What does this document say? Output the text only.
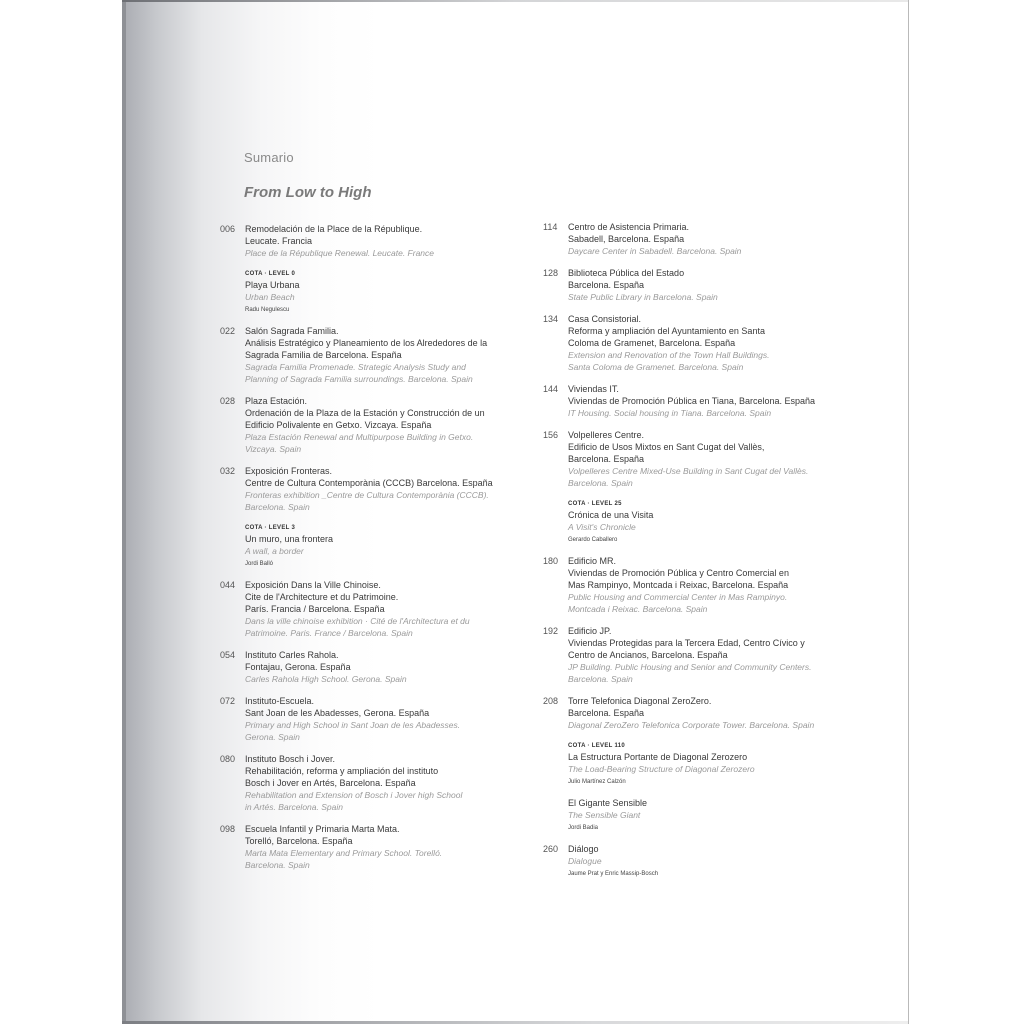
Sumario
From Low to High
006 Remodelación de la Place de la République.
Leucate. Francia
Place de la République Renewal. Leucate. France
COTA · LEVEL 0
Playa Urbana
Urban Beach
Radu Negulescu
022 Salón Sagrada Familia.
Análisis Estratégico y Planeamiento de los Alrededores de la
Sagrada Familia de Barcelona. España
Sagrada Familia Promenade. Strategic Analysis Study and
Planning of Sagrada Familia surroundings. Barcelona. Spain
028 Plaza Estación.
Ordenación de la Plaza de la Estación y Construcción de un
Edificio Polivalente en Getxo. Vizcaya. España
Plaza Estación Renewal and Multipurpose Building in Getxo.
Vizcaya. Spain
032 Exposición Fronteras.
Centre de Cultura Contemporània (CCCB) Barcelona. España
Fronteras exhibition _Centre de Cultura Contemporània (CCCB).
Barcelona. Spain
COTA · LEVEL 3
Un muro, una frontera
A wall, a border
Jordi Balló
044 Exposición Dans la Ville Chinoise.
Cite de l'Architecture et du Patrimoine.
París. Francia / Barcelona. España
Dans la ville chinoise exhibition · Cité de l'Architectura et du
Patrimoine. Paris. France / Barcelona. Spain
054 Instituto Carles Rahola.
Fontajau, Gerona. España
Carles Rahola High School. Gerona. Spain
072 Instituto-Escuela.
Sant Joan de les Abadesses, Gerona. España
Primary and High School in Sant Joan de les Abadesses.
Gerona. Spain
080 Instituto Bosch i Jover.
Rehabilitación, reforma y ampliación del instituto
Bosch i Jover en Artés, Barcelona. España
Rehabilitation and Extension of Bosch i Jover high School
in Artés. Barcelona. Spain
098 Escuela Infantil y Primaria Marta Mata.
Torelló, Barcelona. España
Marta Mata Elementary and Primary School. Torelló.
Barcelona. Spain
114 Centro de Asistencia Primaria.
Sabadell, Barcelona. España
Daycare Center in Sabadell. Barcelona. Spain
128 Biblioteca Pública del Estado
Barcelona. España
State Public Library in Barcelona. Spain
134 Casa Consistorial.
Reforma y ampliación del Ayuntamiento en Santa
Coloma de Gramenet, Barcelona. España
Extension and Renovation of the Town Hall Buildings.
Santa Coloma de Gramenet. Barcelona. Spain
144 Viviendas IT.
Viviendas de Promoción Pública en Tiana, Barcelona. España
IT Housing. Social housing in Tiana. Barcelona. Spain
156 Volpelleres Centre.
Edificio de Usos Mixtos en Sant Cugat del Vallès,
Barcelona. España
Volpelleres Centre Mixed-Use Building in Sant Cugat del Vallès.
Barcelona. Spain
COTA · LEVEL 25
Crónica de una Visita
A Visit's Chronicle
Gerardo Caballero
180 Edificio MR.
Viviendas de Promoción Pública y Centro Comercial en
Mas Rampinyo, Montcada i Reixac, Barcelona. España
Public Housing and Commercial Center in Mas Rampinyo.
Montcada i Reixac. Barcelona. Spain
192 Edificio JP.
Viviendas Protegidas para la Tercera Edad, Centro Cívico y
Centro de Ancianos, Barcelona. España
JP Building. Public Housing and Senior and Community Centers.
Barcelona. Spain
208 Torre Telefonica Diagonal ZeroZero.
Barcelona. España
Diagonal ZeroZero Telefonica Corporate Tower. Barcelona. Spain
COTA · LEVEL 110
La Estructura Portante de Diagonal Zerozero
The Load-Bearing Structure of Diagonal Zerozero
Julio Martínez Calzón
El Gigante Sensible
The Sensible Giant
Jordi Badia
260 Diálogo
Dialogue
Jaume Prat y Enric Massip-Bosch
